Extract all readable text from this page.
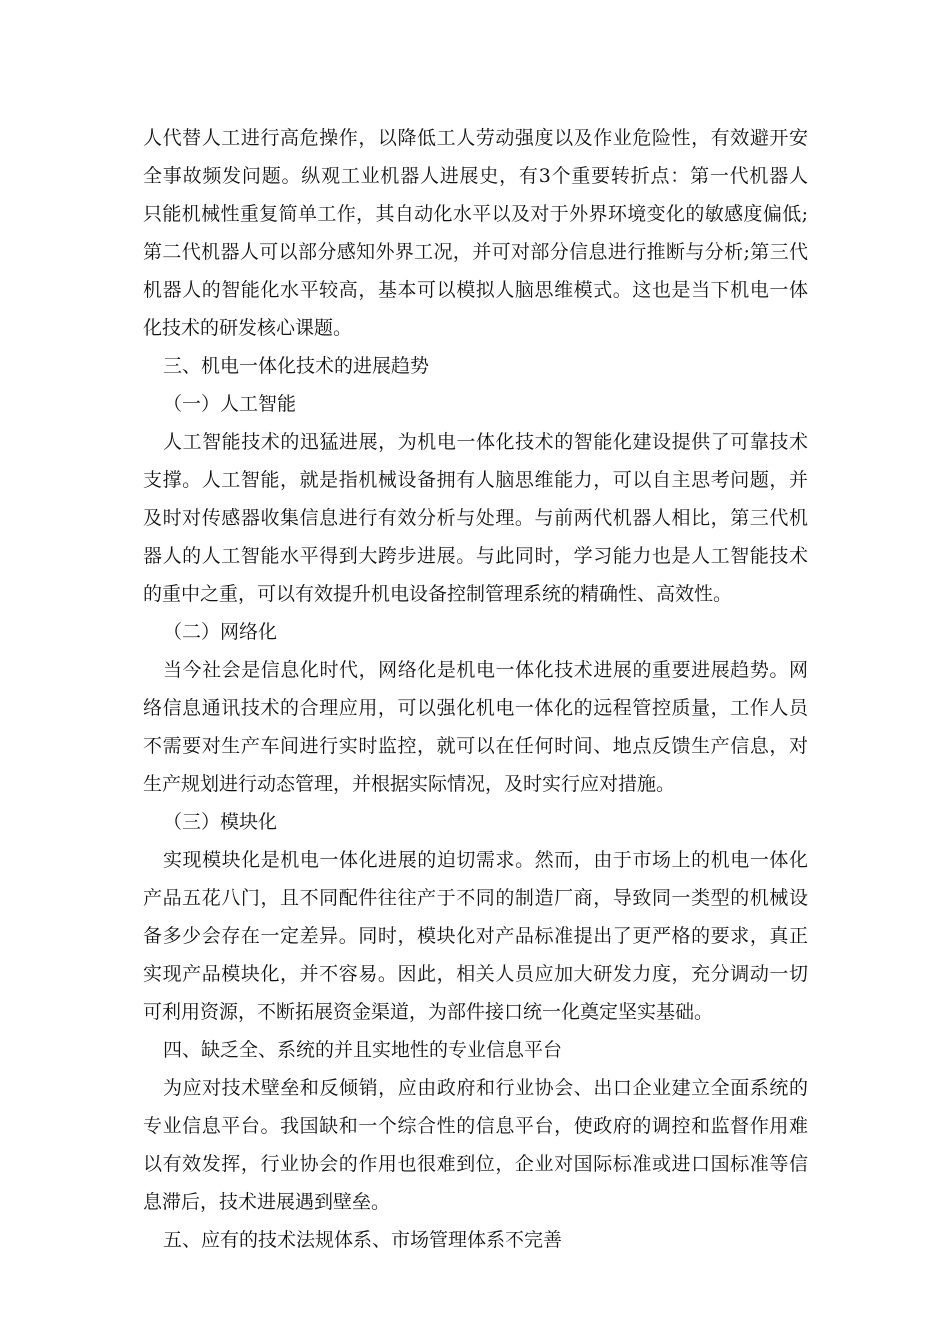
人代替人工进行高危操作，以降低工人劳动强度以及作业危险性，有效避开安
全事故频发问题。纵观工业机器人进展史，有3个重要转折点：第一代机器人
只能机械性重复简单工作，其自动化水平以及对于外界环境变化的敏感度偏低;
第二代机器人可以部分感知外界工况，并可对部分信息进行推断与分析;第三代
机器人的智能化水平较高，基本可以模拟人脑思维模式。这也是当下机电一体
化技术的研发核心课题。
三、机电一体化技术的进展趋势
（一）人工智能
人工智能技术的迅猛进展，为机电一体化技术的智能化建设提供了可靠技术
支撑。人工智能，就是指机械设备拥有人脑思维能力，可以自主思考问题，并
及时对传感器收集信息进行有效分析与处理。与前两代机器人相比，第三代机
器人的人工智能水平得到大跨步进展。与此同时，学习能力也是人工智能技术
的重中之重，可以有效提升机电设备控制管理系统的精确性、高效性。
（二）网络化
当今社会是信息化时代，网络化是机电一体化技术进展的重要进展趋势。网
络信息通讯技术的合理应用，可以强化机电一体化的远程管控质量，工作人员
不需要对生产车间进行实时监控，就可以在任何时间、地点反馈生产信息，对
生产规划进行动态管理，并根据实际情况，及时实行应对措施。
（三）模块化
实现模块化是机电一体化进展的迫切需求。然而，由于市场上的机电一体化
产品五花八门，且不同配件往往产于不同的制造厂商，导致同一类型的机械设
备多少会存在一定差异。同时，模块化对产品标准提出了更严格的要求，真正
实现产品模块化，并不容易。因此，相关人员应加大研发力度，充分调动一切
可利用资源，不断拓展资金渠道，为部件接口统一化奠定坚实基础。
四、缺乏全、系统的并且实地性的专业信息平台
为应对技术壁垒和反倾销，应由政府和行业协会、出口企业建立全面系统的
专业信息平台。我国缺和一个综合性的信息平台，使政府的调控和监督作用难
以有效发挥，行业协会的作用也很难到位，企业对国际标准或进口国标准等信
息滞后，技术进展遇到壁垒。
五、应有的技术法规体系、市场管理体系不完善
